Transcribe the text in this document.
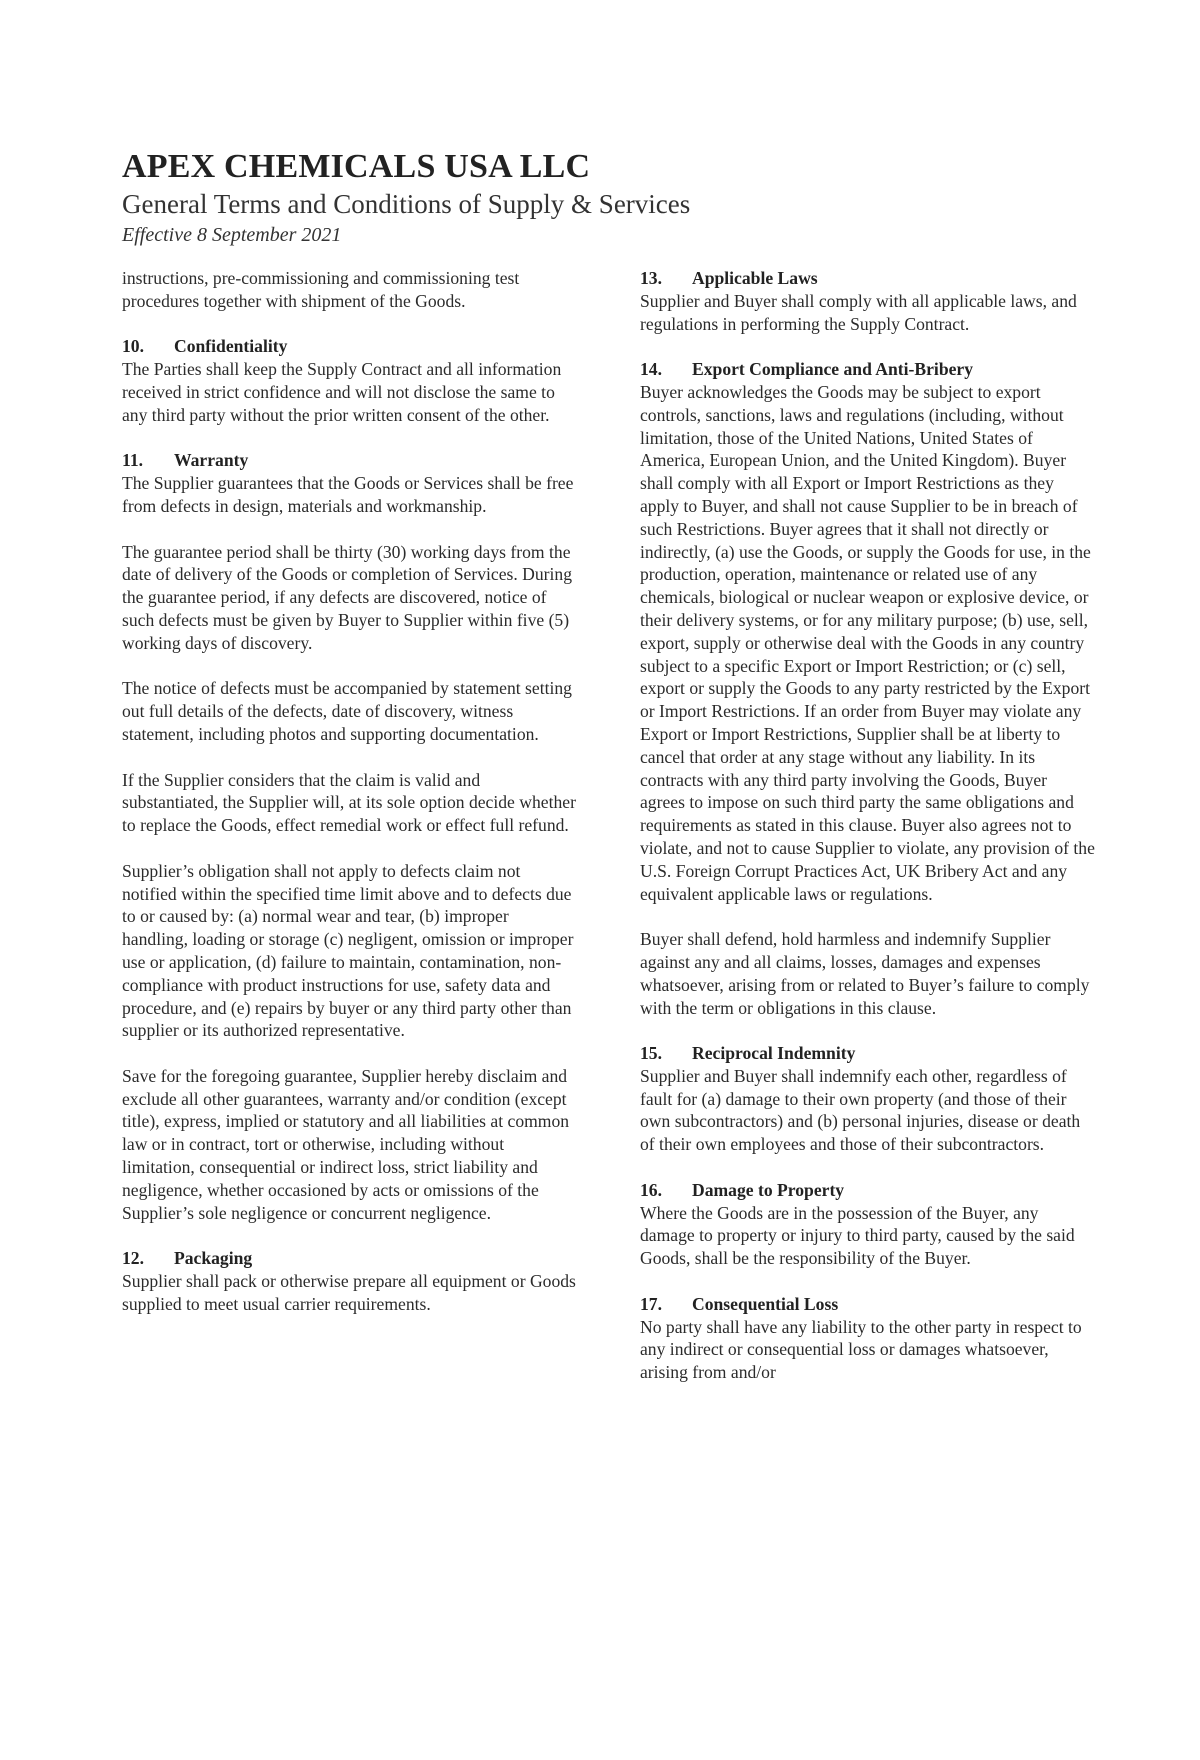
APEX CHEMICALS USA LLC
General Terms and Conditions of Supply & Services
Effective 8 September 2021

instructions, pre-commissioning and commissioning test procedures together with shipment of the Goods.

10. Confidentiality

The Parties shall keep the Supply Contract and all information received in strict confidence and will not disclose the same to any third party without the prior written consent of the other.

11. Warranty

The Supplier guarantees that the Goods or Services shall be free from defects in design, materials and workmanship.

The guarantee period shall be thirty (30) working days from the date of delivery of the Goods or completion of Services. During the guarantee period, if any defects are discovered, notice of such defects must be given by Buyer to Supplier within five (5) working days of discovery.

The notice of defects must be accompanied by statement setting out full details of the defects, date of discovery, witness statement, including photos and supporting documentation.

If the Supplier considers that the claim is valid and substantiated, the Supplier will, at its sole option decide whether to replace the Goods, effect remedial work or effect full refund.

Supplier’s obligation shall not apply to defects claim not notified within the specified time limit above and to defects due to or caused by: (a) normal wear and tear, (b) improper handling, loading or storage (c) negligent, omission or improper use or application, (d) failure to maintain, contamination, non-compliance with product instructions for use, safety data and procedure, and (e) repairs by buyer or any third party other than supplier or its authorized representative.

Save for the foregoing guarantee, Supplier hereby disclaim and exclude all other guarantees, warranty and/or condition (except title), express, implied or statutory and all liabilities at common law or in contract, tort or otherwise, including without limitation, consequential or indirect loss, strict liability and negligence, whether occasioned by acts or omissions of the Supplier’s sole negligence or concurrent negligence.

12. Packaging

Supplier shall pack or otherwise prepare all equipment or Goods supplied to meet usual carrier requirements.

13. Applicable Laws

Supplier and Buyer shall comply with all applicable laws, and regulations in performing the Supply Contract.

14. Export Compliance and Anti-Bribery

Buyer acknowledges the Goods may be subject to export controls, sanctions, laws and regulations (including, without limitation, those of the United Nations, United States of America, European Union, and the United Kingdom). Buyer shall comply with all Export or Import Restrictions as they apply to Buyer, and shall not cause Supplier to be in breach of such Restrictions. Buyer agrees that it shall not directly or indirectly, (a) use the Goods, or supply the Goods for use, in the production, operation, maintenance or related use of any chemicals, biological or nuclear weapon or explosive device, or their delivery systems, or for any military purpose; (b) use, sell, export, supply or otherwise deal with the Goods in any country subject to a specific Export or Import Restriction; or (c) sell, export or supply the Goods to any party restricted by the Export or Import Restrictions. If an order from Buyer may violate any Export or Import Restrictions, Supplier shall be at liberty to cancel that order at any stage without any liability. In its contracts with any third party involving the Goods, Buyer agrees to impose on such third party the same obligations and requirements as stated in this clause. Buyer also agrees not to violate, and not to cause Supplier to violate, any provision of the U.S. Foreign Corrupt Practices Act, UK Bribery Act and any equivalent applicable laws or regulations.

Buyer shall defend, hold harmless and indemnify Supplier against any and all claims, losses, damages and expenses whatsoever, arising from or related to Buyer’s failure to comply with the term or obligations in this clause.

15. Reciprocal Indemnity

Supplier and Buyer shall indemnify each other, regardless of fault for (a) damage to their own property (and those of their own subcontractors) and (b) personal injuries, disease or death of their own employees and those of their subcontractors.

16. Damage to Property

Where the Goods are in the possession of the Buyer, any damage to property or injury to third party, caused by the said Goods, shall be the responsibility of the Buyer.

17. Consequential Loss

No party shall have any liability to the other party in respect to any indirect or consequential loss or damages whatsoever, arising from and/or
